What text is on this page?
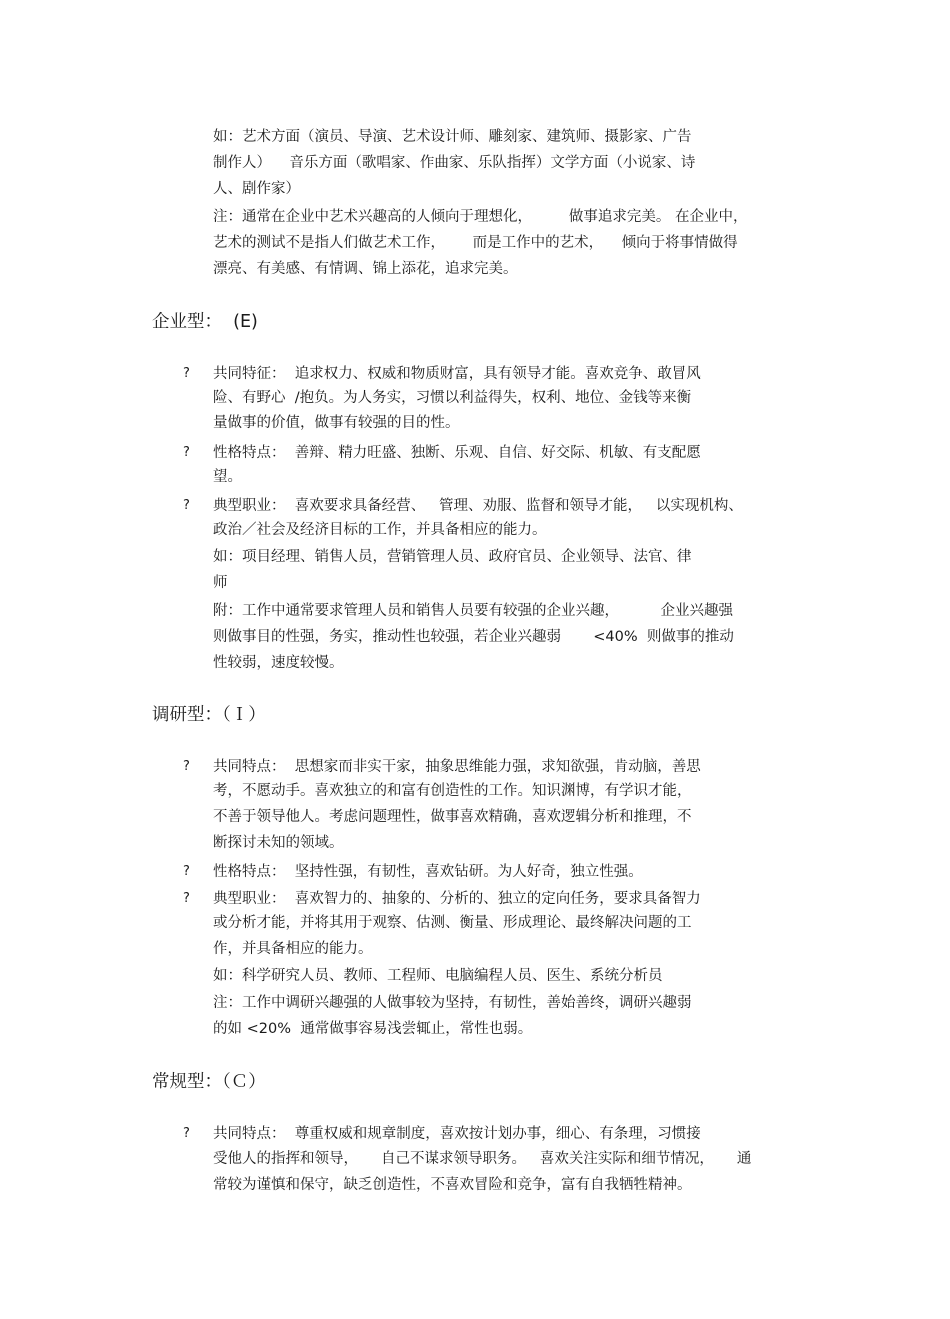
如：艺术方面（演员、导演、艺术设计师、雕刻家、建筑师、摄影家、广告
制作人）    音乐方面（歌唱家、作曲家、乐队指挥）文学方面（小说家、诗
人、剧作家）
注：通常在企业中艺术兴趣高的人倾向于理想化，        做事追求完美。 在企业中，
艺术的测试不是指人们做艺术工作，      而是工作中的艺术，    倾向于将事情做得
漂亮、有美感、有情调、锦上添花，追求完美。
企业型：  (E)
? 共同特征：  追求权力、权威和物质财富，具有领导才能。喜欢竞争、敢冒风
险、有野心  /抱负。为人务实，习惯以利益得失，权利、地位、金钱等来衡
量做事的价值，做事有较强的目的性。
? 性格特点：  善辩、精力旺盛、独断、乐观、自信、好交际、机敏、有支配愿
望。
? 典型职业：  喜欢要求具备经营、   管理、劝服、监督和领导才能，   以实现机构、
政治／社会及经济目标的工作，并具备相应的能力。
如：项目经理、销售人员，营销管理人员、政府官员、企业领导、法官、律
师
附：工作中通常要求管理人员和销售人员要有较强的企业兴趣，         企业兴趣强
则做事目的性强，务实，推动性也较强，若企业兴趣弱       <40%  则做事的推动
性较弱，速度较慢。
调研型：（Ｉ）
? 共同特点：  思想家而非实干家，抽象思维能力强，求知欲强，肯动脑，善思
考，不愿动手。喜欢独立的和富有创造性的工作。知识渊博，有学识才能，
不善于领导他人。考虑问题理性，做事喜欢精确，喜欢逻辑分析和推理，不
断探讨未知的领域。
? 性格特点：  坚持性强，有韧性，喜欢钻研。为人好奇，独立性强。
? 典型职业：  喜欢智力的、抽象的、分析的、独立的定向任务，要求具备智力
或分析才能，并将其用于观察、估测、衡量、形成理论、最终解决问题的工
作，并具备相应的能力。
如：科学研究人员、教师、工程师、电脑编程人员、医生、系统分析员
注：工作中调研兴趣强的人做事较为坚持，有韧性，善始善终，调研兴趣弱
的如 <20%  通常做事容易浅尝辄止，常性也弱。
常规型：（Ｃ）
? 共同特点：  尊重权威和规章制度，喜欢按计划办事，细心、有条理，习惯接
受他人的指挥和领导，     自己不谋求领导职务。   喜欢关注实际和细节情况，     通
常较为谨慎和保守，缺乏创造性，不喜欢冒险和竞争，富有自我牺牲精神。
